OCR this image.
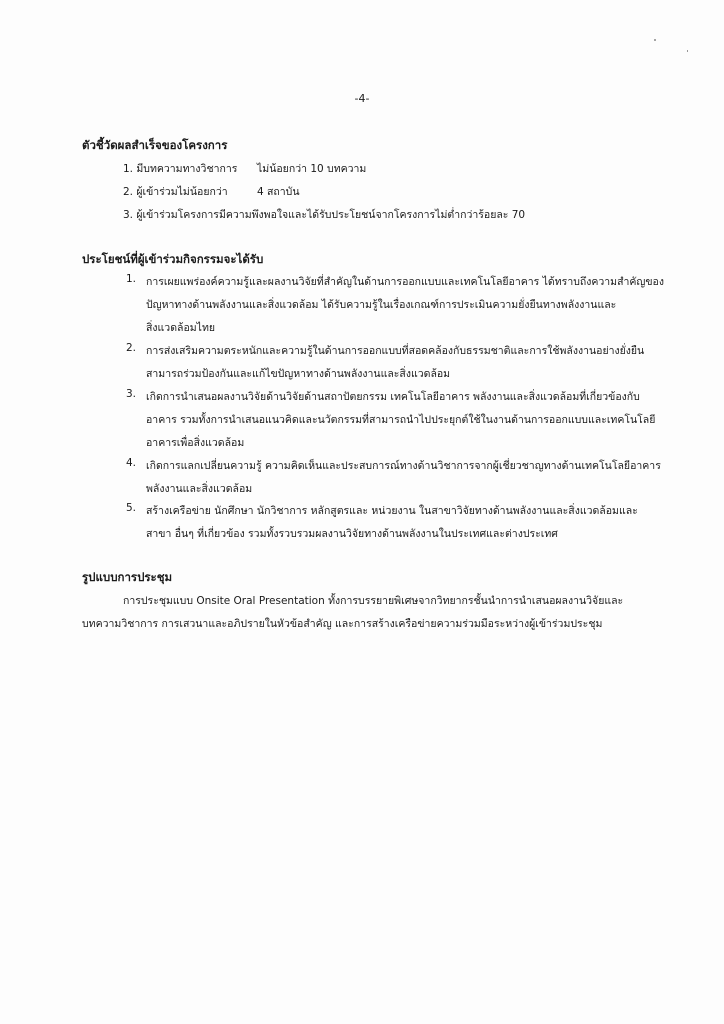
-4-
ตัวชี้วัดผลสำเร็จของโครงการ
1. มีบทความทางวิชาการ ไม่น้อยกว่า 10 บทความ
2. ผู้เข้าร่วมไม่น้อยกว่า	4 สถาบัน
3. ผู้เข้าร่วมโครงการมีความพึงพอใจและได้รับประโยชน์จากโครงการไม่ต่ำกว่าร้อยละ 70
ประโยชน์ที่ผู้เข้าร่วมกิจกรรมจะได้รับ
1. การเผยแพร่องค์ความรู้และผลงานวิจัยที่สำคัญในด้านการออกแบบและเทคโนโลยีอาคาร ได้ทราบถึงความสำคัญของ
ปัญหาทางด้านพลังงานและสิ่งแวดล้อม ได้รับความรู้ในเรื่องเกณฑ์การประเมินความยั่งยืนทางพลังงานและ
สิ่งแวดล้อมไทย
2. การส่งเสริมความตระหนักและความรู้ในด้านการออกแบบที่สอดคล้องกับธรรมชาติและการใช้พลังงานอย่างยั่งยืน
สามารถร่วมป้องกันและแก้ไขปัญหาทางด้านพลังงานและสิ่งแวดล้อม
3. เกิดการนำเสนอผลงานวิจัยด้านวิจัยด้านสถาปัตยกรรม เทคโนโลยีอาคาร พลังงานและสิ่งแวดล้อมที่เกี่ยวข้องกับ
อาคาร รวมทั้งการนำเสนอแนวคิดและนวัตกรรมที่สามารถนำไปประยุกต์ใช้ในงานด้านการออกแบบและเทคโนโลยี
อาคารเพื่อสิ่งแวดล้อม
4. เกิดการแลกเปลี่ยนความรู้ ความคิดเห็นและประสบการณ์ทางด้านวิชาการจากผู้เชี่ยวชาญทางด้านเทคโนโลยีอาคาร
พลังงานและสิ่งแวดล้อม
5. สร้างเครือข่าย นักศึกษา นักวิชาการ หลักสูตรและ หน่วยงาน ในสาขาวิจัยทางด้านพลังงานและสิ่งแวดล้อมและ
สาขา อื่นๆ ที่เกี่ยวข้อง รวมทั้งรวบรวมผลงานวิจัยทางด้านพลังงานในประเทศและต่างประเทศ
รูปแบบการประชุม
การประชุมแบบ Onsite Oral Presentation ทั้งการบรรยายพิเศษจากวิทยากรชั้นนำการนำเสนอผลงานวิจัยและ
บทความวิชาการ การเสวนาและอภิปรายในหัวข้อสำคัญ และการสร้างเครือข่ายความร่วมมือระหว่างผู้เข้าร่วมประชุม
